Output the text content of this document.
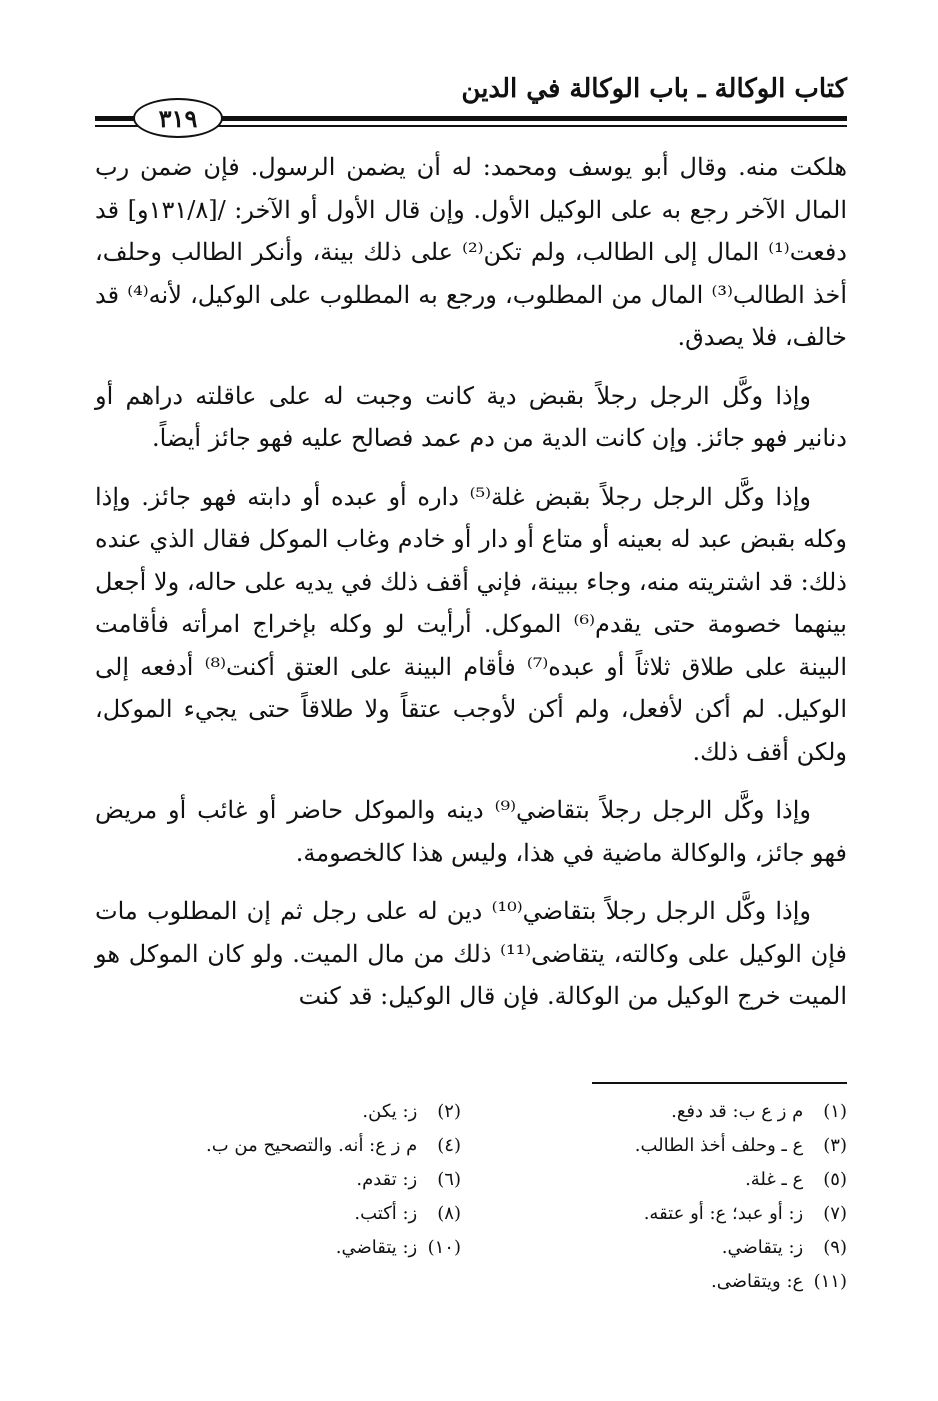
كتاب الوكالة ـ باب الوكالة في الدين
٣١٩

هلكت منه. وقال أبو يوسف ومحمد: له أن يضمن الرسول. فإن ضمن رب المال الآخر رجع به على الوكيل الأول. وإن قال الأول أو الآخر: /[١٣١/٨و] قد دفعت⁽¹⁾ المال إلى الطالب، ولم تكن⁽²⁾ على ذلك بينة، وأنكر الطالب وحلف، أخذ الطالب⁽³⁾ المال من المطلوب، ورجع به المطلوب على الوكيل، لأنه⁽⁴⁾ قد خالف، فلا يصدق.

وإذا وكَّل الرجل رجلاً بقبض دية كانت وجبت له على عاقلته دراهم أو دنانير فهو جائز. وإن كانت الدية من دم عمد فصالح عليه فهو جائز أيضاً.

وإذا وكَّل الرجل رجلاً بقبض غلة⁽⁵⁾ داره أو عبده أو دابته فهو جائز. وإذا وكله بقبض عبد له بعينه أو متاع أو دار أو خادم وغاب الموكل فقال الذي عنده ذلك: قد اشتريته منه، وجاء ببينة، فإني أقف ذلك في يديه على حاله، ولا أجعل بينهما خصومة حتى يقدم⁽⁶⁾ الموكل. أرأيت لو وكله بإخراج امرأته فأقامت البينة على طلاق ثلاثاً أو عبده⁽⁷⁾ فأقام البينة على العتق أكنت⁽⁸⁾ أدفعه إلى الوكيل. لم أكن لأفعل، ولم أكن لأوجب عتقاً ولا طلاقاً حتى يجيء الموكل، ولكن أقف ذلك.

وإذا وكَّل الرجل رجلاً بتقاضي⁽⁹⁾ دينه والموكل حاضر أو غائب أو مريض فهو جائز، والوكالة ماضية في هذا، وليس هذا كالخصومة.

وإذا وكَّل الرجل رجلاً بتقاضي⁽¹⁰⁾ دين له على رجل ثم إن المطلوب مات فإن الوكيل على وكالته، يتقاضى⁽¹¹⁾ ذلك من مال الميت. ولو كان الموكل هو الميت خرج الوكيل من الوكالة. فإن قال الوكيل: قد كنت

(١) م ز ع ب: قد دفع.
(٢) ز: يكن.
(٣) ع ـ وحلف أخذ الطالب.
(٤) م ز ع: أنه. والتصحيح من ب.
(٥) ع ـ غلة.
(٦) ز: تقدم.
(٧) ز: أو عبد؛ ع: أو عتقه.
(٨) ز: أكتب.
(٩) ز: يتقاضي.
(١٠) ز: يتقاضي.
(١١) ع: ويتقاضى.
